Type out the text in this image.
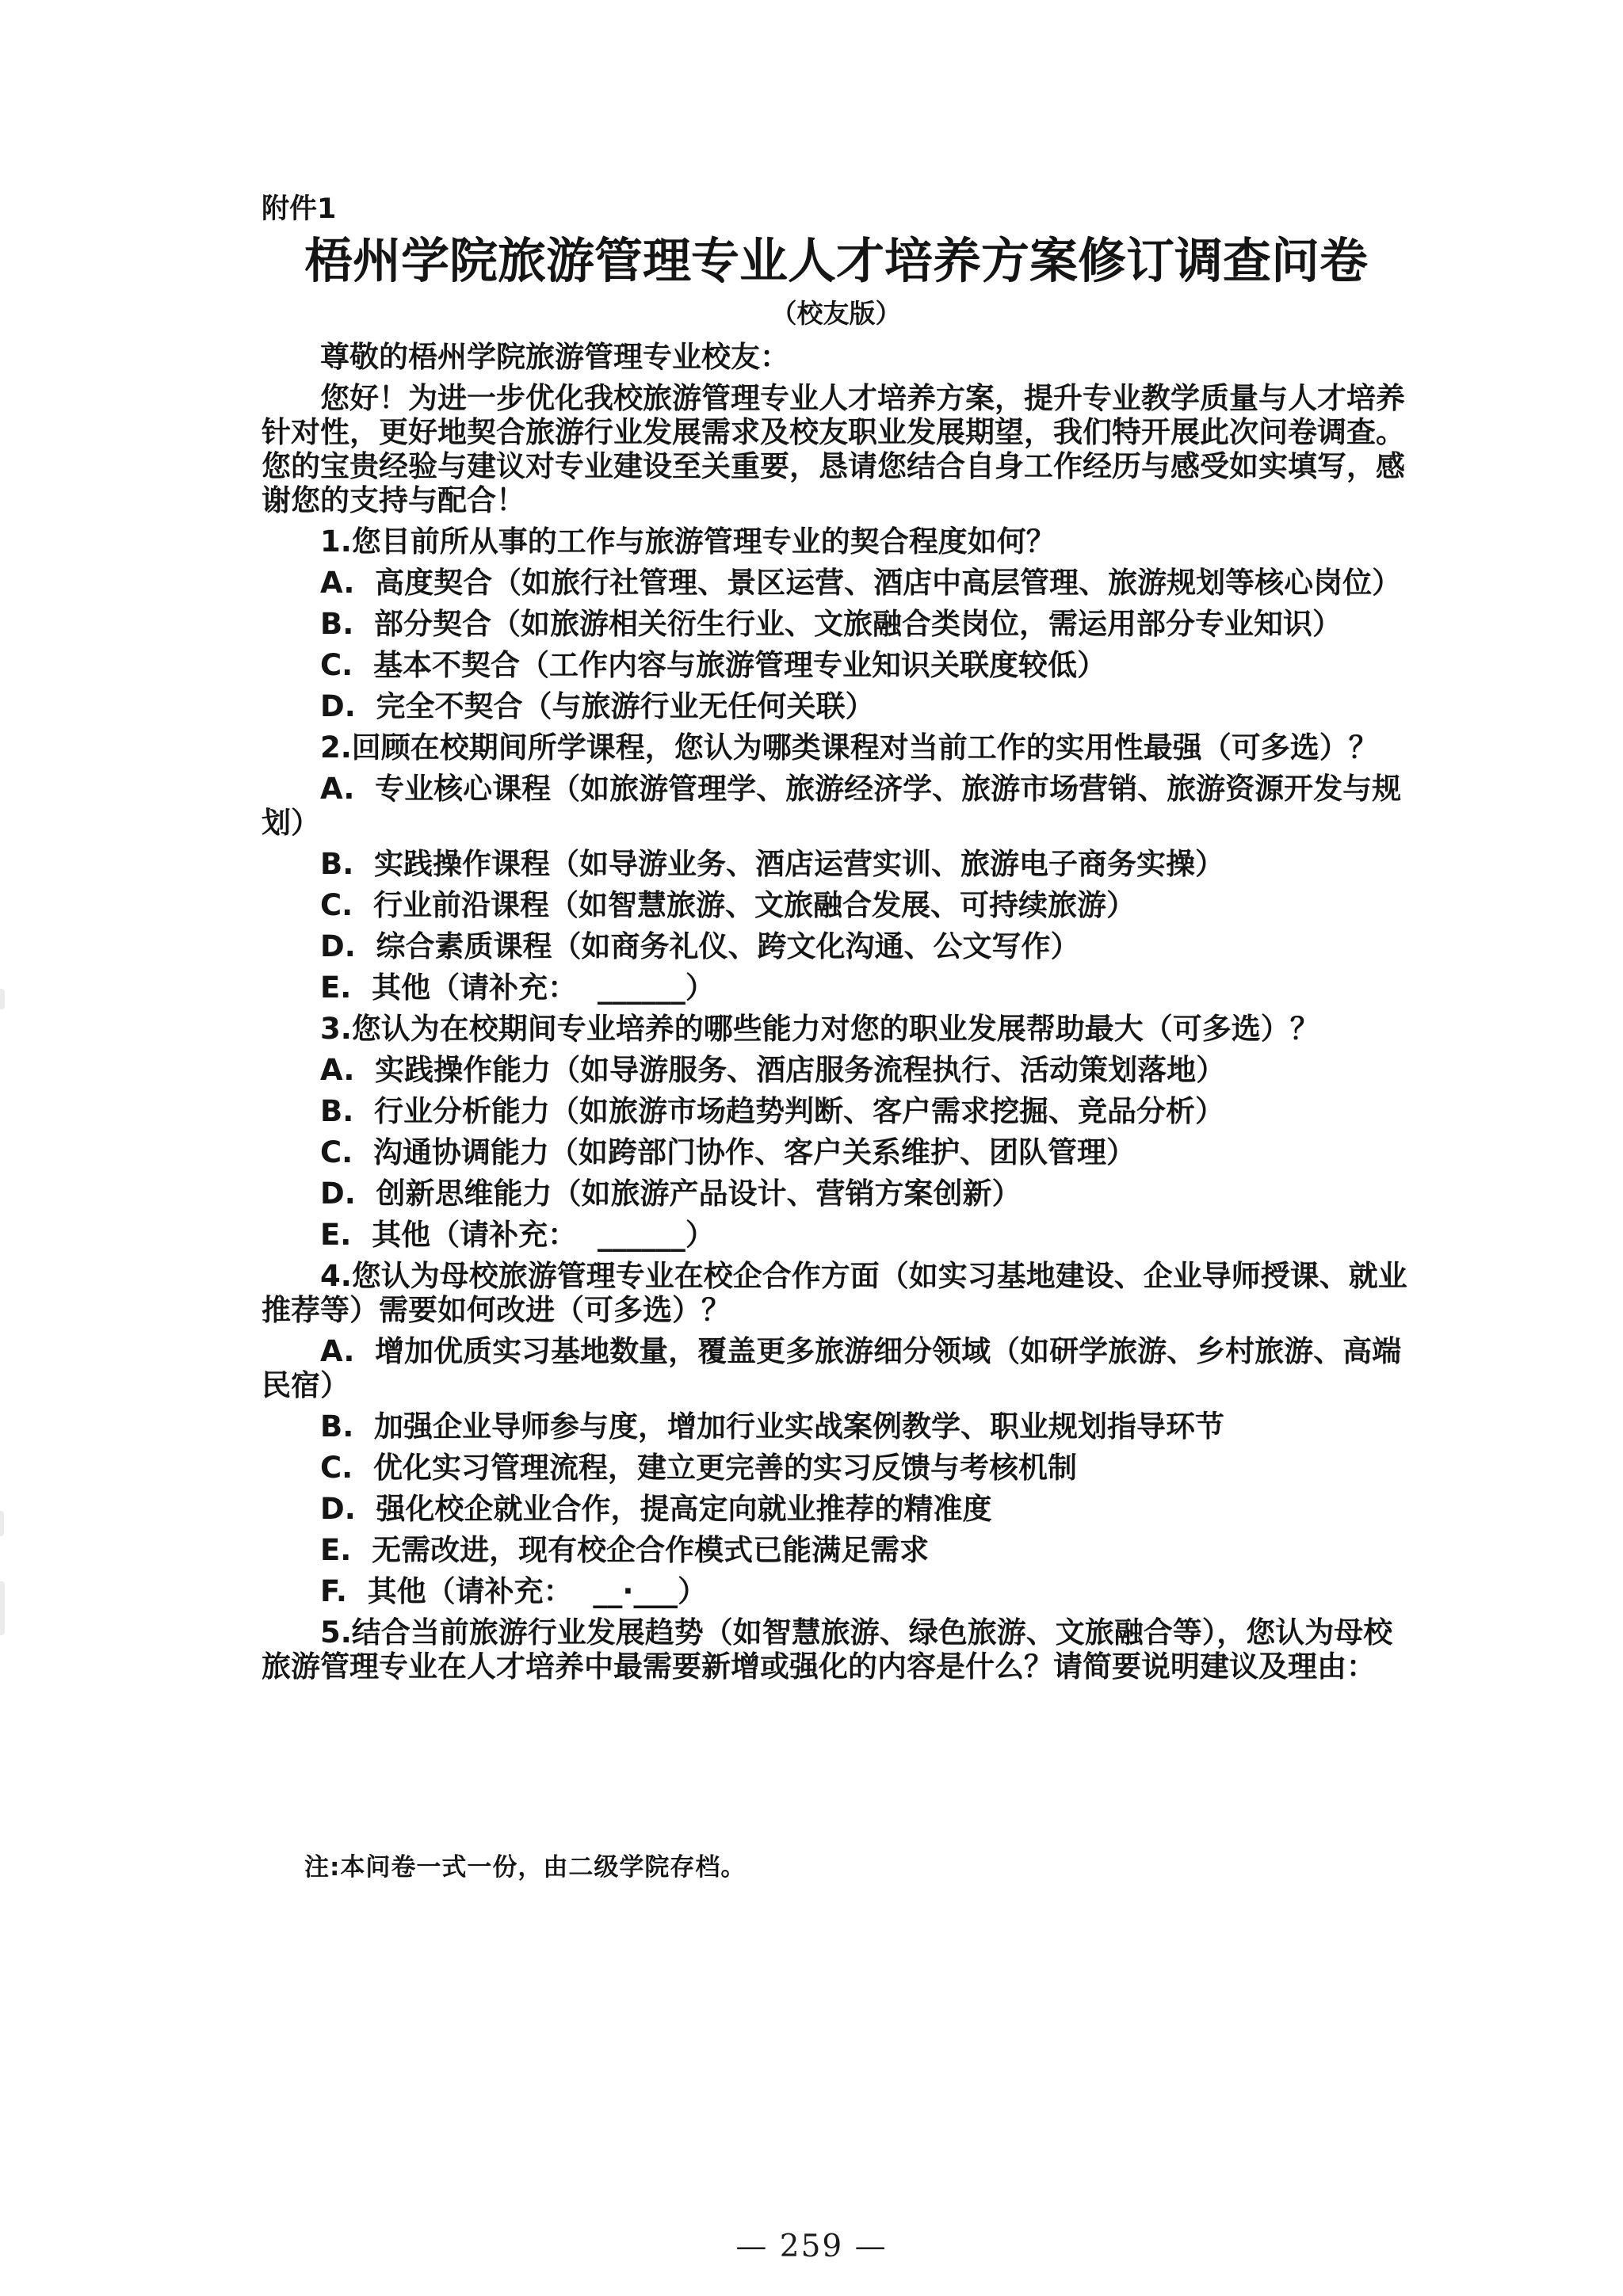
附件1

梧州学院旅游管理专业人才培养方案修订调查问卷

（校友版）

尊敬的梧州学院旅游管理专业校友：

您好！为进一步优化我校旅游管理专业人才培养方案，提升专业教学质量与人才培养针对性，更好地契合旅游行业发展需求及校友职业发展期望，我们特开展此次问卷调查。您的宝贵经验与建议对专业建设至关重要，恳请您结合自身工作经历与感受如实填写，感谢您的支持与配合！

1.您目前所从事的工作与旅游管理专业的契合程度如何？

A.  高度契合（如旅行社管理、景区运营、酒店中高层管理、旅游规划等核心岗位）

B.  部分契合（如旅游相关衍生行业、文旅融合类岗位，需运用部分专业知识）

C.  基本不契合（工作内容与旅游管理专业知识关联度较低）

D.  完全不契合（与旅游行业无任何关联）

2.回顾在校期间所学课程，您认为哪类课程对当前工作的实用性最强（可多选）？

A.  专业核心课程（如旅游管理学、旅游经济学、旅游市场营销、旅游资源开发与规划）

B.  实践操作课程（如导游业务、酒店运营实训、旅游电子商务实操）

C.  行业前沿课程（如智慧旅游、文旅融合发展、可持续旅游）

D.  综合素质课程（如商务礼仪、跨文化沟通、公文写作）

E.  其他（请补充：  ______）

3.您认为在校期间专业培养的哪些能力对您的职业发展帮助最大（可多选）？

A.  实践操作能力（如导游服务、酒店服务流程执行、活动策划落地）

B.  行业分析能力（如旅游市场趋势判断、客户需求挖掘、竞品分析）

C.  沟通协调能力（如跨部门协作、客户关系维护、团队管理）

D.  创新思维能力（如旅游产品设计、营销方案创新）

E.  其他（请补充：  ______）

4.您认为母校旅游管理专业在校企合作方面（如实习基地建设、企业导师授课、就业推荐等）需要如何改进（可多选）？

A.  增加优质实习基地数量，覆盖更多旅游细分领域（如研学旅游、乡村旅游、高端民宿）

B.  加强企业导师参与度，增加行业实战案例教学、职业规划指导环节

C.  优化实习管理流程，建立更完善的实习反馈与考核机制

D.  强化校企就业合作，提高定向就业推荐的精准度

E.  无需改进，现有校企合作模式已能满足需求

F.  其他（请补充：  __·___）

5.结合当前旅游行业发展趋势（如智慧旅游、绿色旅游、文旅融合等），您认为母校旅游管理专业在人才培养中最需要新增或强化的内容是什么？请简要说明建议及理由：

注:本问卷一式一份，由二级学院存档。

— 259 —
